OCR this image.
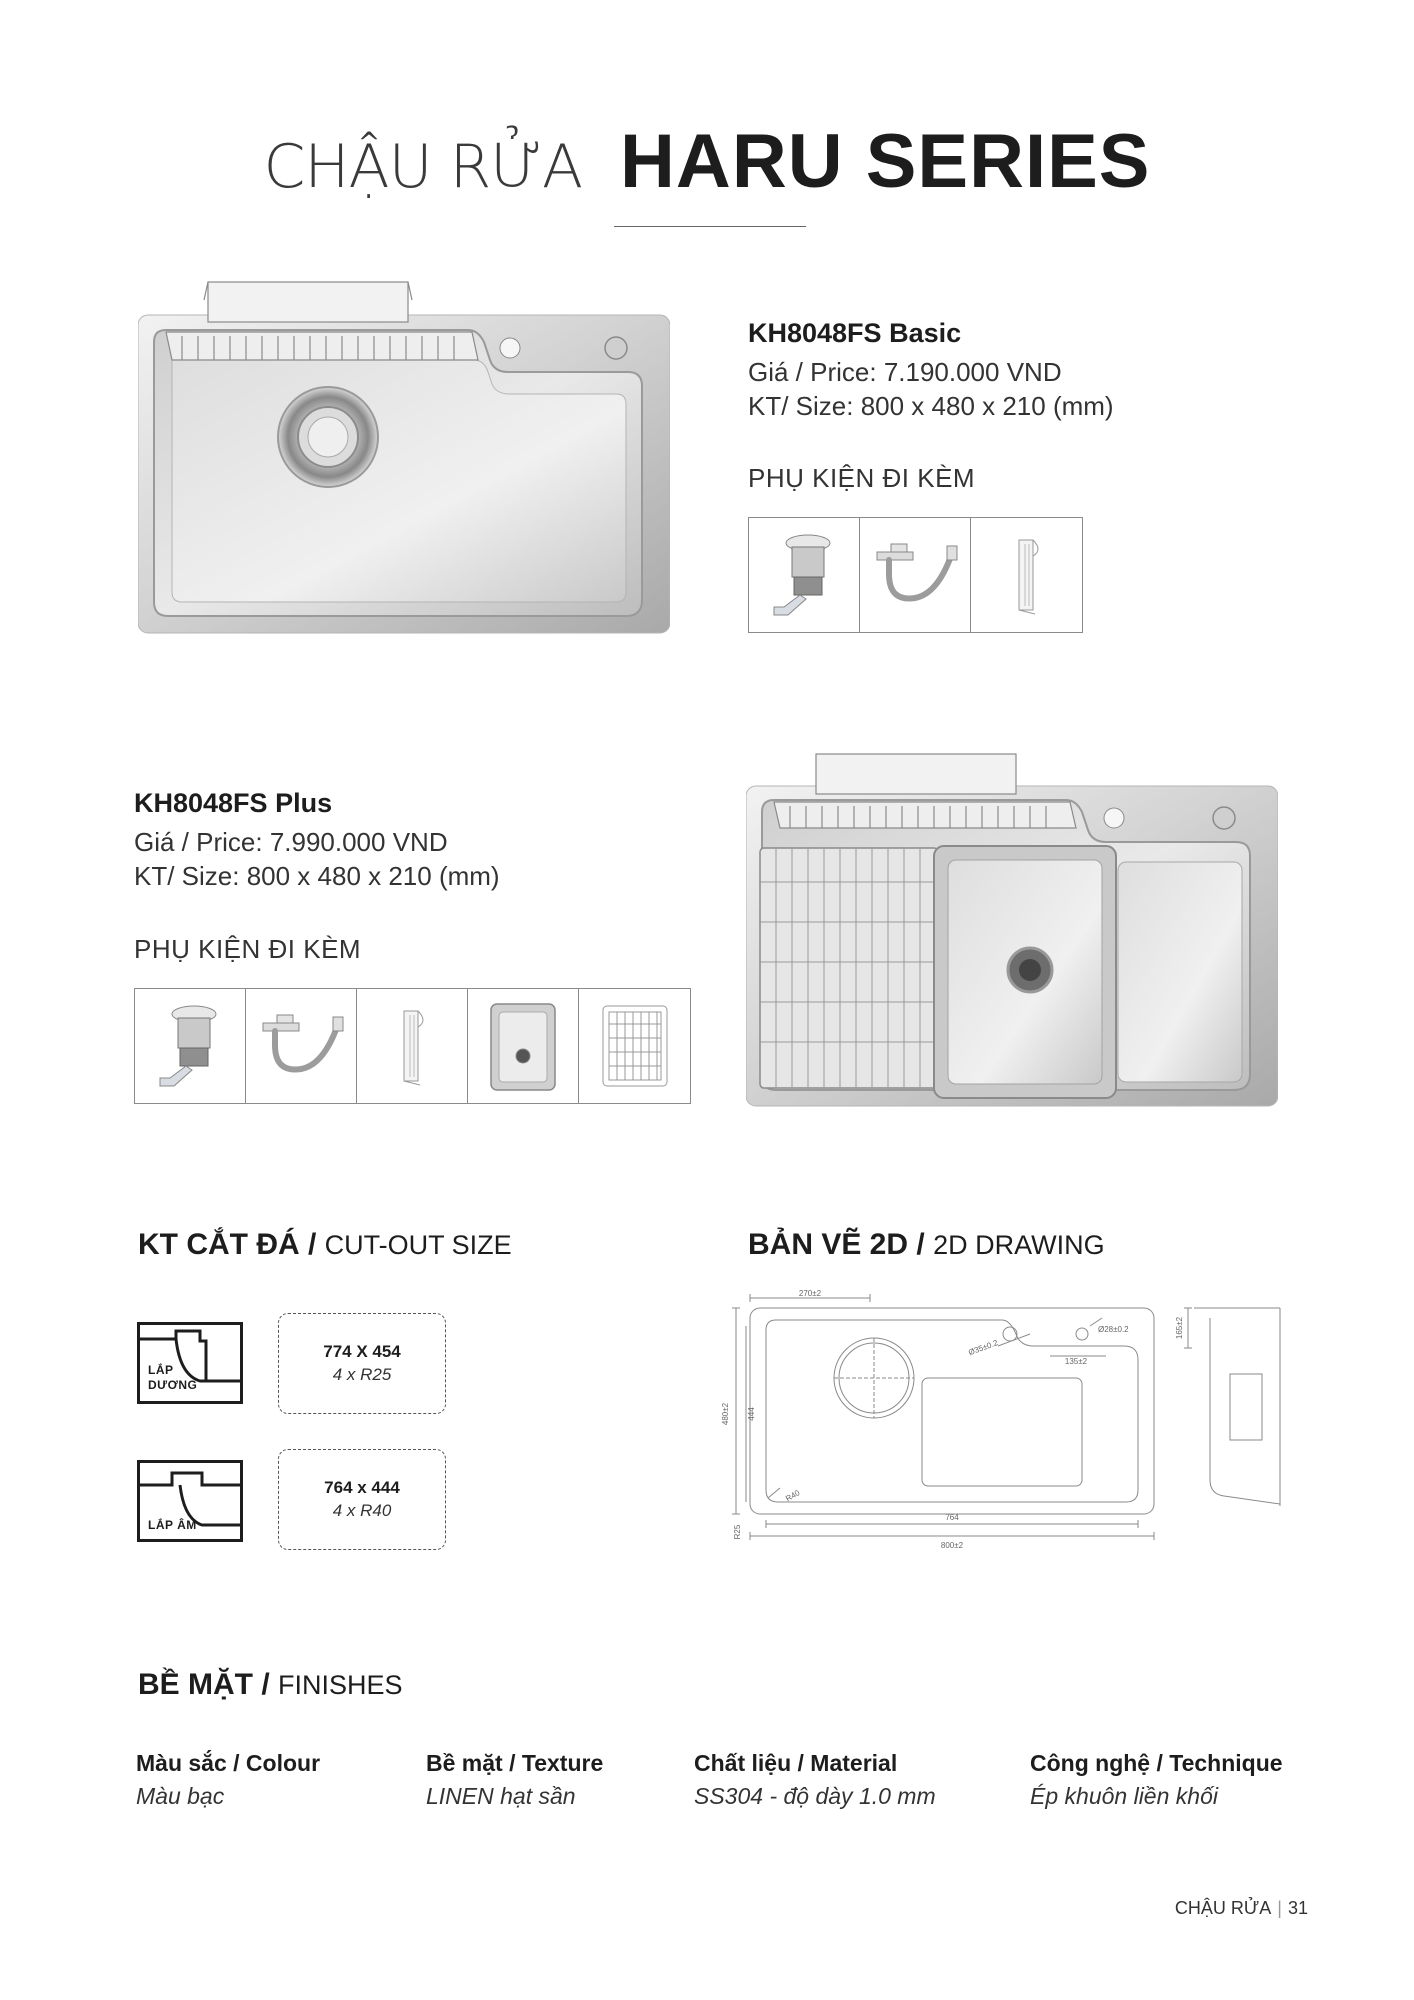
CHẬU RỬA HARU SERIES
KH8048FS Basic
Giá / Price: 7.190.000 VND
KT/ Size: 800 x 480 x 210 (mm)
PHỤ KIỆN ĐI KÈM
KH8048FS Plus
Giá / Price: 7.990.000 VND
KT/ Size: 800 x 480 x 210 (mm)
PHỤ KIỆN ĐI KÈM
KT CẮT ĐÁ / CUT-OUT SIZE
LẮP DƯƠNG
774 X 454
4 x R25
LẮP ÂM
764 x 444
4 x R40
BẢN VẼ 2D / 2D DRAWING
270±2
Ø35±0.2
Ø28±0.2
135±2
480±2 444
R40
R25
764
800±2
165±2
BỀ MẶT / FINISHES
Màu sắc / Colour
Màu bạc
Bề mặt / Texture
LINEN hạt sần
Chất liệu / Material
SS304 - độ dày 1.0 mm
Công nghệ / Technique
Ép khuôn liền khối
CHẬU RỬA | 31
